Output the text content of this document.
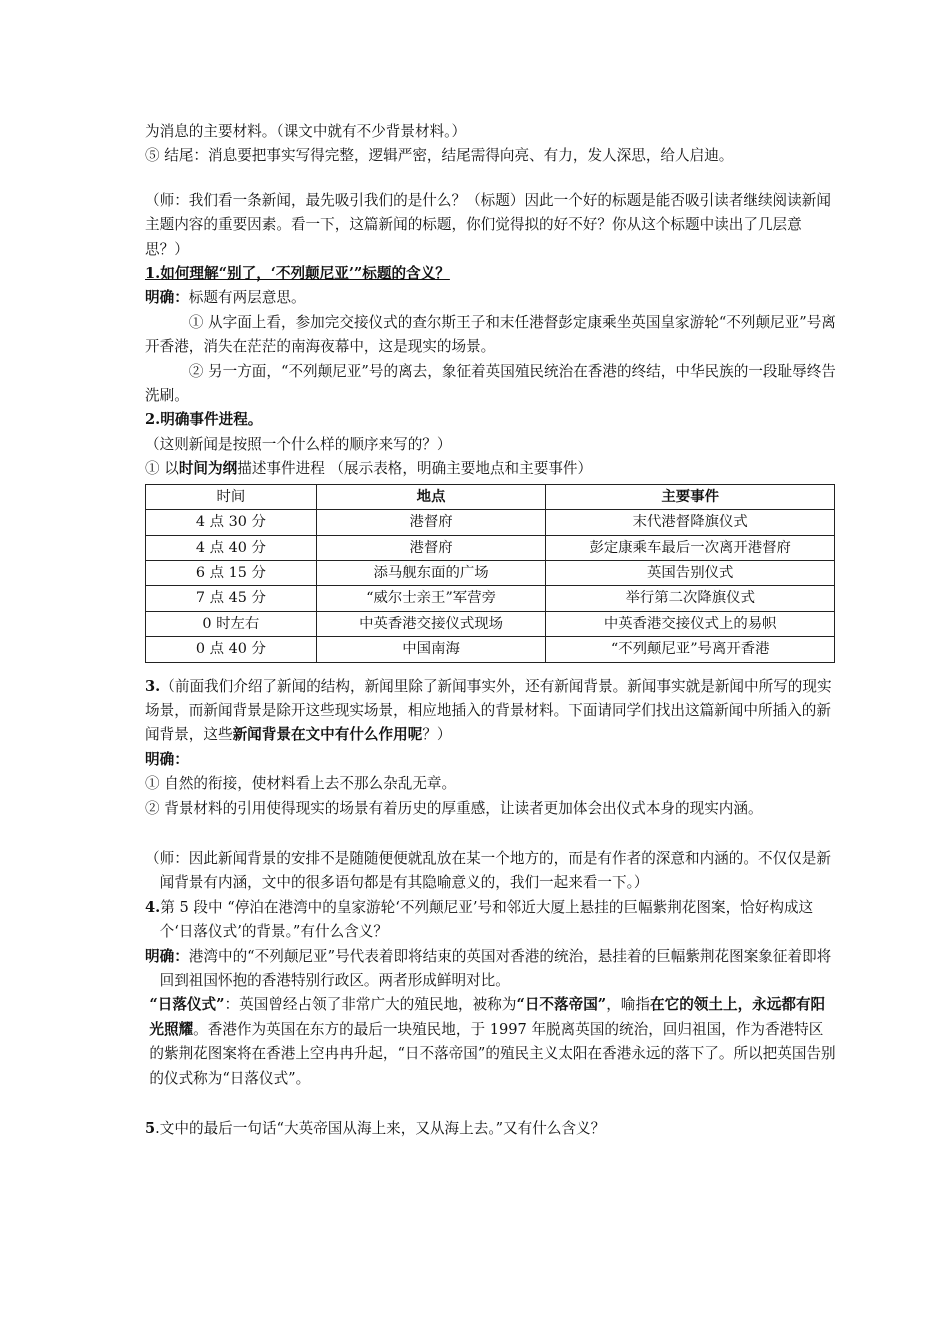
为消息的主要材料。（课文中就有不少背景材料。）

⑤ 结尾：消息要把事实写得完整，逻辑严密，结尾需得向亮、有力，发人深思，给人启迪。

（师：我们看一条新闻，最先吸引我们的是什么？（标题）因此一个好的标题是能否吸引读者继续阅读新闻主题内容的重要因素。看一下，这篇新闻的标题，你们觉得拟的好不好？你从这个标题中读出了几层意思？）

1.如何理解“别了，‘不列颠尼亚’”标题的含义？

明确：标题有两层意思。

① 从字面上看，参加完交接仪式的查尔斯王子和末任港督彭定康乘坐英国皇家游轮“不列颠尼亚”号离开香港，消失在茫茫的南海夜幕中，这是现实的场景。

② 另一方面，“不列颠尼亚”号的离去，象征着英国殖民统治在香港的终结，中华民族的一段耻辱终告洗刷。

2.明确事件进程。

（这则新闻是按照一个什么样的顺序来写的？）

① 以时间为纲描述事件进程 （展示表格，明确主要地点和主要事件）

时间	地点	主要事件
4 点 30 分	港督府	末代港督降旗仪式
4 点 40 分	港督府	彭定康乘车最后一次离开港督府
6 点 15 分	添马舰东面的广场	英国告别仪式
7 点 45 分	“威尔士亲王”军营旁	举行第二次降旗仪式
0 时左右	中英香港交接仪式现场	中英香港交接仪式上的易帜
0 点 40 分	中国南海	“不列颠尼亚”号离开香港

3.（前面我们介绍了新闻的结构，新闻里除了新闻事实外，还有新闻背景。新闻事实就是新闻中所写的现实场景，而新闻背景是除开这些现实场景，相应地插入的背景材料。下面请同学们找出这篇新闻中所插入的新闻背景，这些新闻背景在文中有什么作用呢？）

明确：

① 自然的衔接，使材料看上去不那么杂乱无章。

② 背景材料的引用使得现实的场景有着历史的厚重感，让读者更加体会出仪式本身的现实内涵。

（师：因此新闻背景的安排不是随随便便就乱放在某一个地方的，而是有作者的深意和内涵的。不仅仅是新闻背景有内涵，文中的很多语句都是有其隐喻意义的，我们一起来看一下。）

4.第 5 段中 “停泊在港湾中的皇家游轮‘不列颠尼亚’号和邻近大厦上悬挂的巨幅紫荆花图案，恰好构成这个‘日落仪式’的背景。”有什么含义？

明确：港湾中的“不列颠尼亚”号代表着即将结束的英国对香港的统治，悬挂着的巨幅紫荆花图案象征着即将回到祖国怀抱的香港特别行政区。两者形成鲜明对比。

“日落仪式”：英国曾经占领了非常广大的殖民地，被称为“日不落帝国”，喻指在它的领土上，永远都有阳光照耀。香港作为英国在东方的最后一块殖民地，于 1997 年脱离英国的统治，回归祖国，作为香港特区的紫荆花图案将在香港上空冉冉升起，“日不落帝国”的殖民主义太阳在香港永远的落下了。所以把英国告别的仪式称为“日落仪式”。

5.文中的最后一句话“大英帝国从海上来，又从海上去。”又有什么含义？
